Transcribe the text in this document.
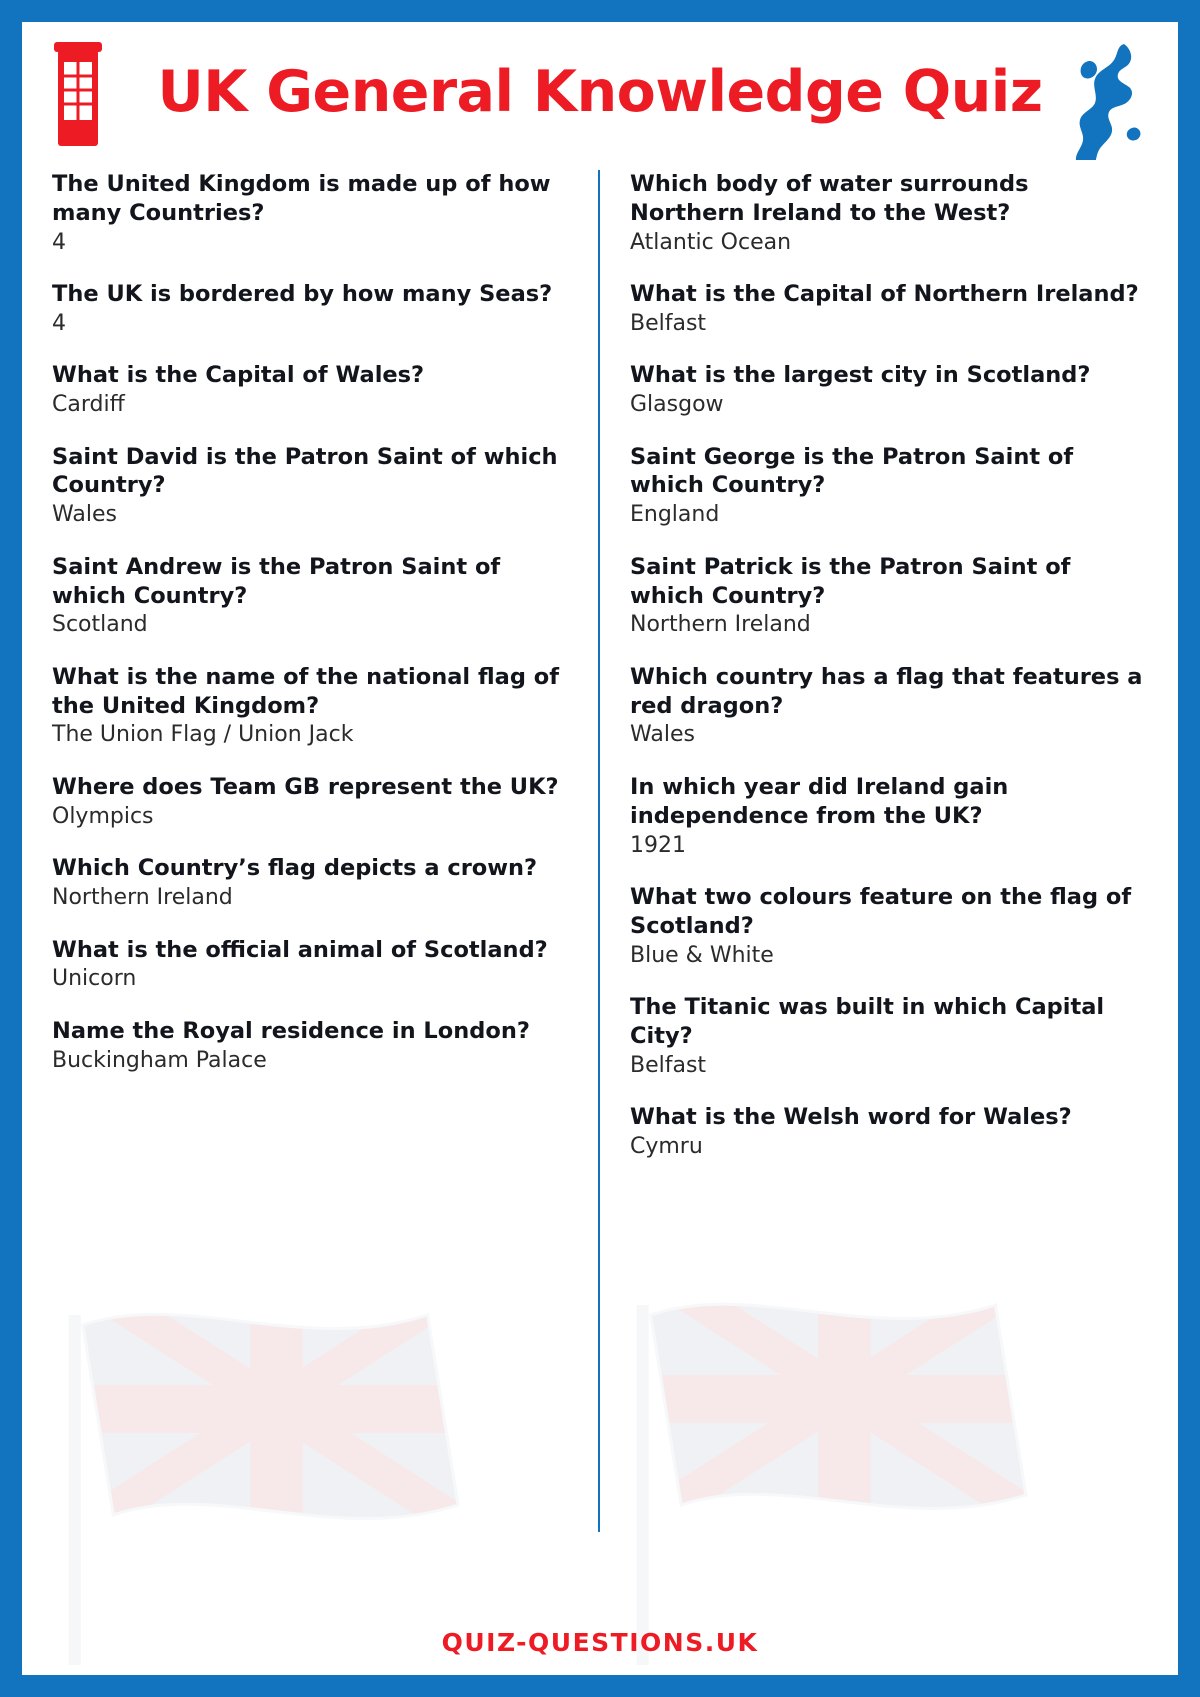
UK General Knowledge Quiz
The United Kingdom is made up of how many Countries?
4
The UK is bordered by how many Seas?
4
What is the Capital of Wales?
Cardiff
Saint David is the Patron Saint of which Country?
Wales
Saint Andrew is the Patron Saint of which Country?
Scotland
What is the name of the national flag of the United Kingdom?
The Union Flag / Union Jack
Where does Team GB represent the UK?
Olympics
Which Country’s flag depicts a crown?
Northern Ireland
What is the official animal of Scotland?
Unicorn
Name the Royal residence in London?
Buckingham Palace
Which body of water surrounds Northern Ireland to the West?
Atlantic Ocean
What is the Capital of Northern Ireland?
Belfast
What is the largest city in Scotland?
Glasgow
Saint George is the Patron Saint of which Country?
England
Saint Patrick is the Patron Saint of which Country?
Northern Ireland
Which country has a flag that features a red dragon?
Wales
In which year did Ireland gain independence from the UK?
1921
What two colours feature on the flag of Scotland?
Blue & White
The Titanic was built in which Capital City?
Belfast
What is the Welsh word for Wales?
Cymru
QUIZ-QUESTIONS.UK
